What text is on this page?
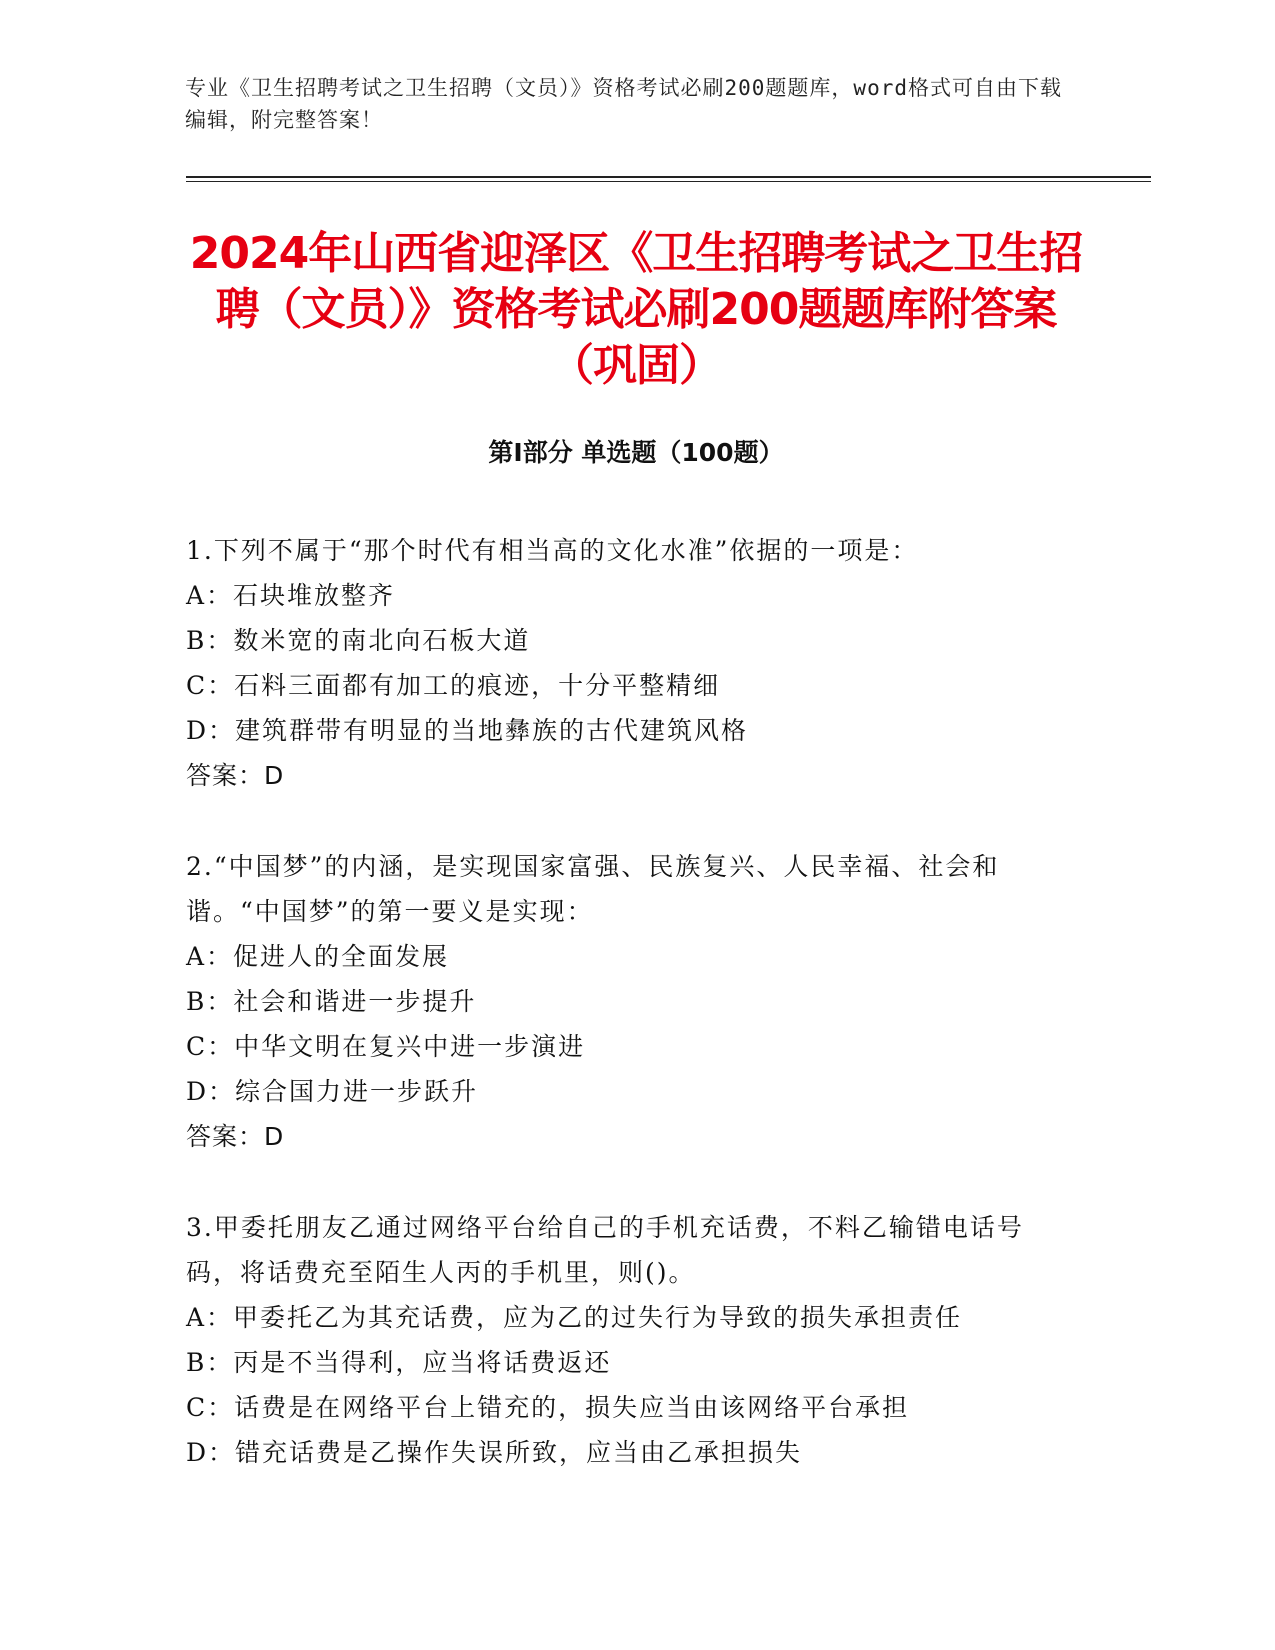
专业《卫生招聘考试之卫生招聘（文员）》资格考试必刷200题题库，word格式可自由下载编辑，附完整答案！
2024年山西省迎泽区《卫生招聘考试之卫生招聘（文员）》资格考试必刷200题题库附答案（巩固）
第Ⅰ部分 单选题（100题）

1.下列不属于“那个时代有相当高的文化水准”依据的一项是：

A：石块堆放整齐

B：数米宽的南北向石板大道

C：石料三面都有加工的痕迹，十分平整精细

D：建筑群带有明显的当地彝族的古代建筑风格

答案：D

2.“中国梦”的内涵，是实现国家富强、民族复兴、人民幸福、社会和谐。“中国梦”的第一要义是实现：

A：促进人的全面发展

B：社会和谐进一步提升

C：中华文明在复兴中进一步演进

D：综合国力进一步跃升

答案：D

3.甲委托朋友乙通过网络平台给自己的手机充话费，不料乙输错电话号码，将话费充至陌生人丙的手机里，则()。

A：甲委托乙为其充话费，应为乙的过失行为导致的损失承担责任

B：丙是不当得利，应当将话费返还

C：话费是在网络平台上错充的，损失应当由该网络平台承担

D：错充话费是乙操作失误所致，应当由乙承担损失
